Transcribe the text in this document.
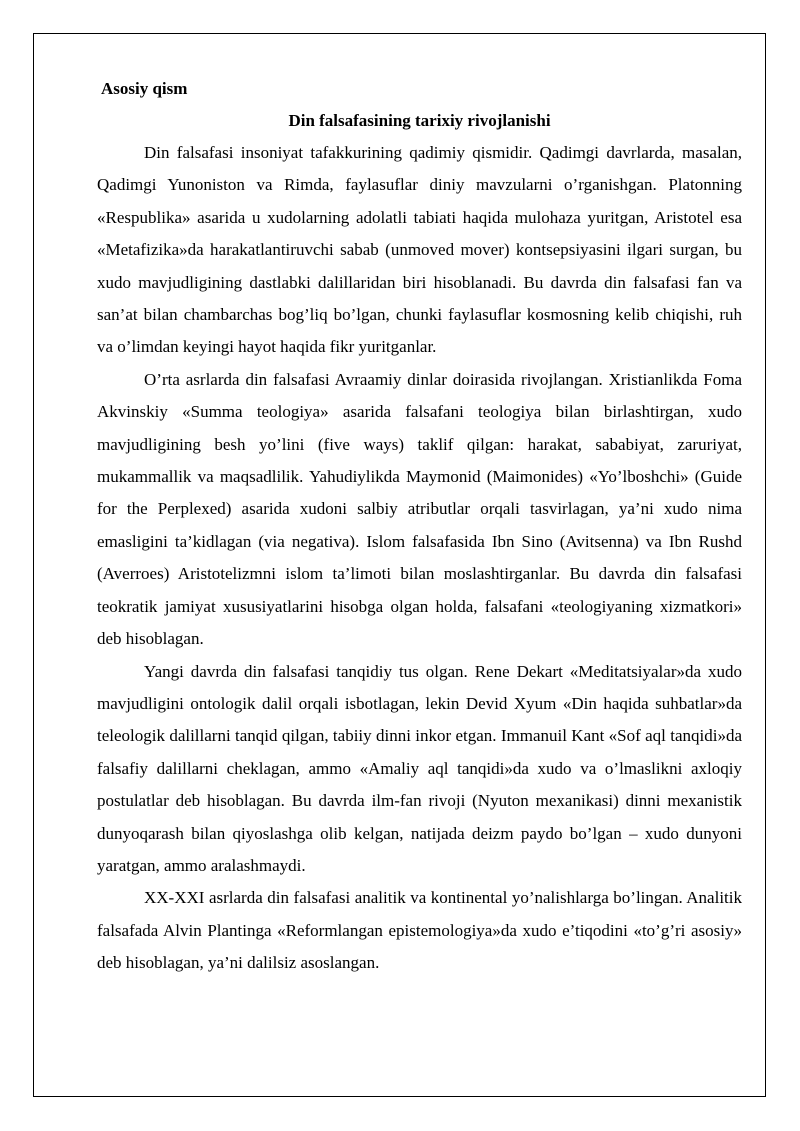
Asosiy qism

Din falsafasining tarixiy rivojlanishi

Din falsafasi insoniyat tafakkurining qadimiy qismidir. Qadimgi davrlarda, masalan, Qadimgi Yunoniston va Rimda, faylasuflar diniy mavzularni o’rganishgan. Platonning «Respublika» asarida u xudolarning adolatli tabiati haqida mulohaza yuritgan, Aristotel esa «Metafizika»da harakatlantiruvchi sabab (unmoved mover) kontsepsiyasini ilgari surgan, bu xudo mavjudligining dastlabki dalillaridan biri hisoblanadi. Bu davrda din falsafasi fan va san’at bilan chambarchas bog’liq bo’lgan, chunki faylasuflar kosmosning kelib chiqishi, ruh va o’limdan keyingi hayot haqida fikr yuritganlar.

O’rta asrlarda din falsafasi Avraamiy dinlar doirasida rivojlangan. Xristianlikda Foma Akvinskiy «Summa teologiya» asarida falsafani teologiya bilan birlashtirgan, xudo mavjudligining besh yo’lini (five ways) taklif qilgan: harakat, sababiyat, zaruriyat, mukammallik va maqsadlilik. Yahudiylikda Maymonid (Maimonides) «Yo’lboshchi» (Guide for the Perplexed) asarida xudoni salbiy atributlar orqali tasvirlagan, ya’ni xudo nima emasligini ta’kidlagan (via negativa). Islom falsafasida Ibn Sino (Avitsenna) va Ibn Rushd (Averroes) Aristotelizmni islom ta’limoti bilan moslashtirganlar. Bu davrda din falsafasi teokratik jamiyat xususiyatlarini hisobga olgan holda, falsafani «teologiyaning xizmatkori» deb hisoblagan.

Yangi davrda din falsafasi tanqidiy tus olgan. Rene Dekart «Meditatsiyalar»da xudo mavjudligini ontologik dalil orqali isbotlagan, lekin Devid Xyum «Din haqida suhbatlar»da teleologik dalillarni tanqid qilgan, tabiiy dinni inkor etgan. Immanuil Kant «Sof aql tanqidi»da falsafiy dalillarni cheklagan, ammo «Amaliy aql tanqidi»da xudo va o’lmaslikni axloqiy postulatlar deb hisoblagan. Bu davrda ilm-fan rivoji (Nyuton mexanikasi) dinni mexanistik dunyoqarash bilan qiyoslashga olib kelgan, natijada deizm paydo bo’lgan – xudo dunyoni yaratgan, ammo aralashmaydi.

XX-XXI asrlarda din falsafasi analitik va kontinental yo’nalishlarga bo’lingan. Analitik falsafada Alvin Plantinga «Reformlangan epistemologiya»da xudo e’tiqodini «to’g’ri asosiy» deb hisoblagan, ya’ni dalilsiz asoslangan.
